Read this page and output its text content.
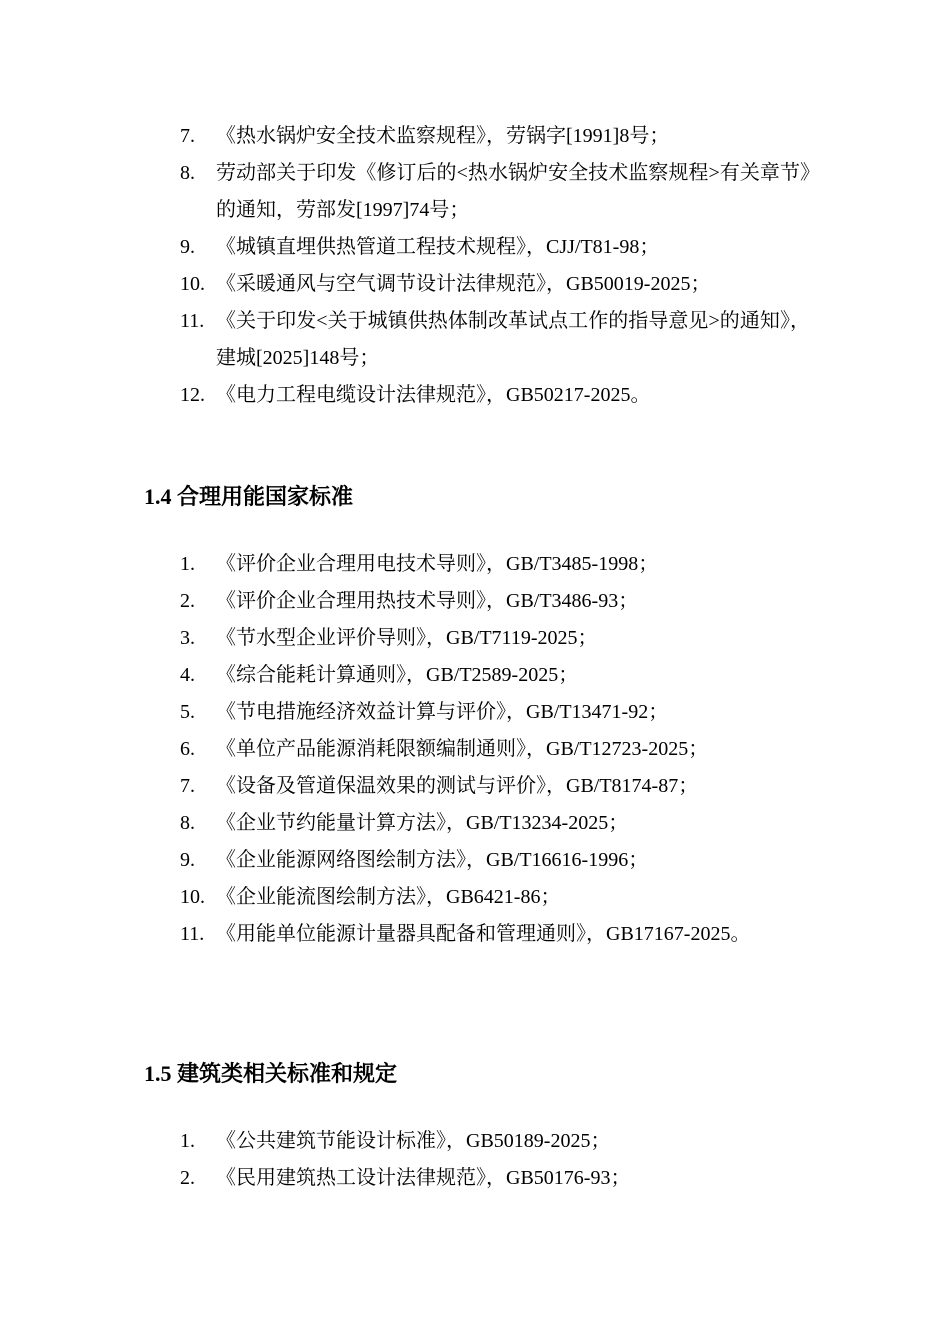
7. 《热水锅炉安全技术监察规程》，劳锅字[1991]8号；
8. 劳动部关于印发《修订后的<热水锅炉安全技术监察规程>有关章节》的通知，劳部发[1997]74号；
9. 《城镇直埋供热管道工程技术规程》，CJJ/T81-98；
10. 《采暖通风与空气调节设计法律规范》，GB50019-2025；
11. 《关于印发<关于城镇供热体制改革试点工作的指导意见>的通知》，建城[2025]148号；
12. 《电力工程电缆设计法律规范》，GB50217-2025。
1.4 合理用能国家标准
1. 《评价企业合理用电技术导则》，GB/T3485-1998；
2. 《评价企业合理用热技术导则》，GB/T3486-93；
3. 《节水型企业评价导则》，GB/T7119-2025；
4. 《综合能耗计算通则》，GB/T2589-2025；
5. 《节电措施经济效益计算与评价》，GB/T13471-92；
6. 《单位产品能源消耗限额编制通则》，GB/T12723-2025；
7. 《设备及管道保温效果的测试与评价》，GB/T8174-87；
8. 《企业节约能量计算方法》，GB/T13234-2025；
9. 《企业能源网络图绘制方法》，GB/T16616-1996；
10. 《企业能流图绘制方法》，GB6421-86；
11. 《用能单位能源计量器具配备和管理通则》，GB17167-2025。
1.5 建筑类相关标准和规定
1. 《公共建筑节能设计标准》，GB50189-2025；
2. 《民用建筑热工设计法律规范》，GB50176-93；
